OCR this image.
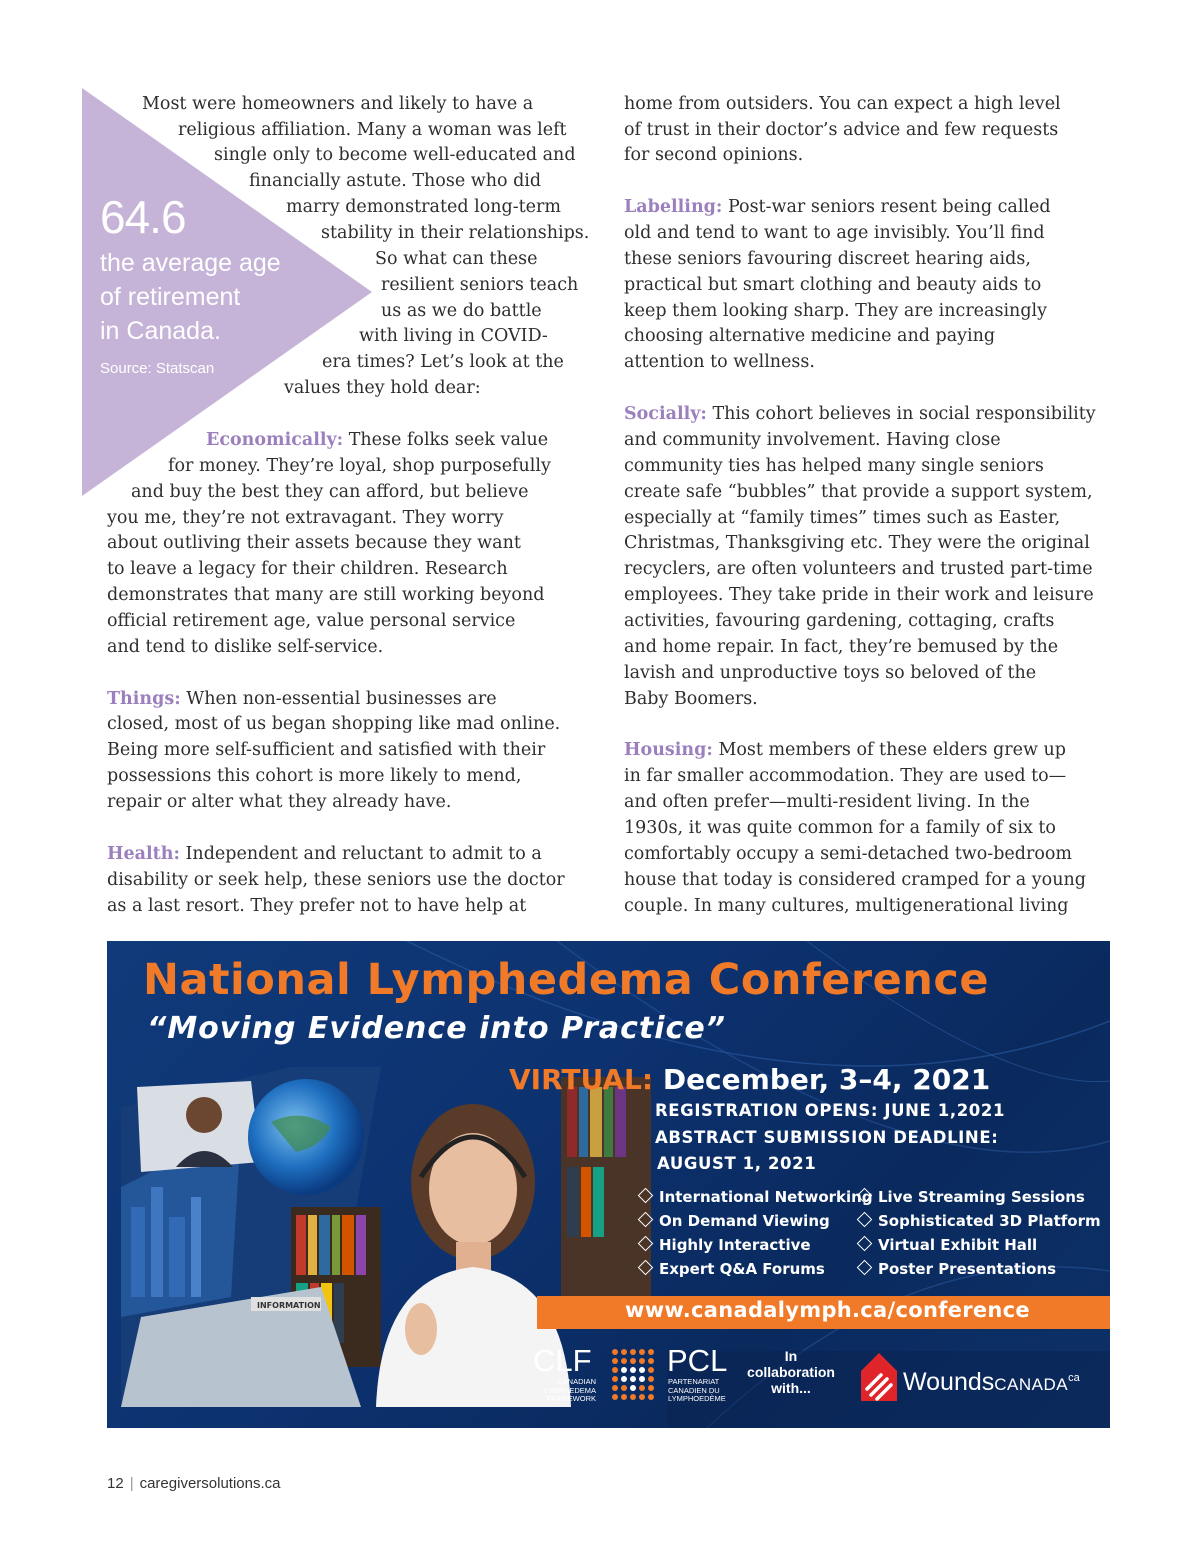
64.6
the average age
of retirement
in Canada.
Source: Statscan
Most were homeowners and likely to have a
religious affiliation. Many a woman was left
single only to become well-educated and
financially astute. Those who did
marry demonstrated long-term
stability in their relationships.
So what can these
resilient seniors teach
us as we do battle
with living in COVID-
era times? Let’s look at the
values they hold dear:
Economically: These folks seek value
for money. They’re loyal, shop purposefully
and buy the best they can afford, but believe
you me, they’re not extravagant. They worry
about outliving their assets because they want
to leave a legacy for their children. Research
demonstrates that many are still working beyond
official retirement age, value personal service
and tend to dislike self-service.
Things: When non-essential businesses are
closed, most of us began shopping like mad online.
Being more self-sufficient and satisfied with their
possessions this cohort is more likely to mend,
repair or alter what they already have.
Health: Independent and reluctant to admit to a
disability or seek help, these seniors use the doctor
as a last resort. They prefer not to have help at
home from outsiders. You can expect a high level
of trust in their doctor’s advice and few requests
for second opinions.
Labelling: Post-war seniors resent being called
old and tend to want to age invisibly. You’ll find
these seniors favouring discreet hearing aids,
practical but smart clothing and beauty aids to
keep them looking sharp. They are increasingly
choosing alternative medicine and paying
attention to wellness.
Socially: This cohort believes in social responsibility
and community involvement. Having close
community ties has helped many single seniors
create safe “bubbles” that provide a support system,
especially at “family times” times such as Easter,
Christmas, Thanksgiving etc. They were the original
recyclers, are often volunteers and trusted part-time
employees. They take pride in their work and leisure
activities, favouring gardening, cottaging, crafts
and home repair. In fact, they’re bemused by the
lavish and unproductive toys so beloved of the
Baby Boomers.
Housing: Most members of these elders grew up
in far smaller accommodation. They are used to—
and often prefer—multi-resident living. In the
1930s, it was quite common for a family of six to
comfortably occupy a semi-detached two-bedroom
house that today is considered cramped for a young
couple. In many cultures, multigenerational living
National Lymphedema Conference
“Moving Evidence into Practice”
INFORMATION
VIRTUAL: December, 3–4, 2021
REGISTRATION OPENS: JUNE 1,2021
ABSTRACT SUBMISSION DEADLINE:
AUGUST 1, 2021
International Networking
On Demand Viewing
Highly Interactive
Expert Q&A Forums
Live Streaming Sessions
Sophisticated 3D Platform
Virtual Exhibit Hall
Poster Presentations
www.canadalymph.ca/conference
CLF
CANADIAN
LYMPHEDEMA
FRAMEWORK
PCL
PARTENARIAT
CANADIEN DU
LYMPHOEDÈME
In collaboration with...	WoundsCANADA$^{ca}$
12 | caregiversolutions.ca
